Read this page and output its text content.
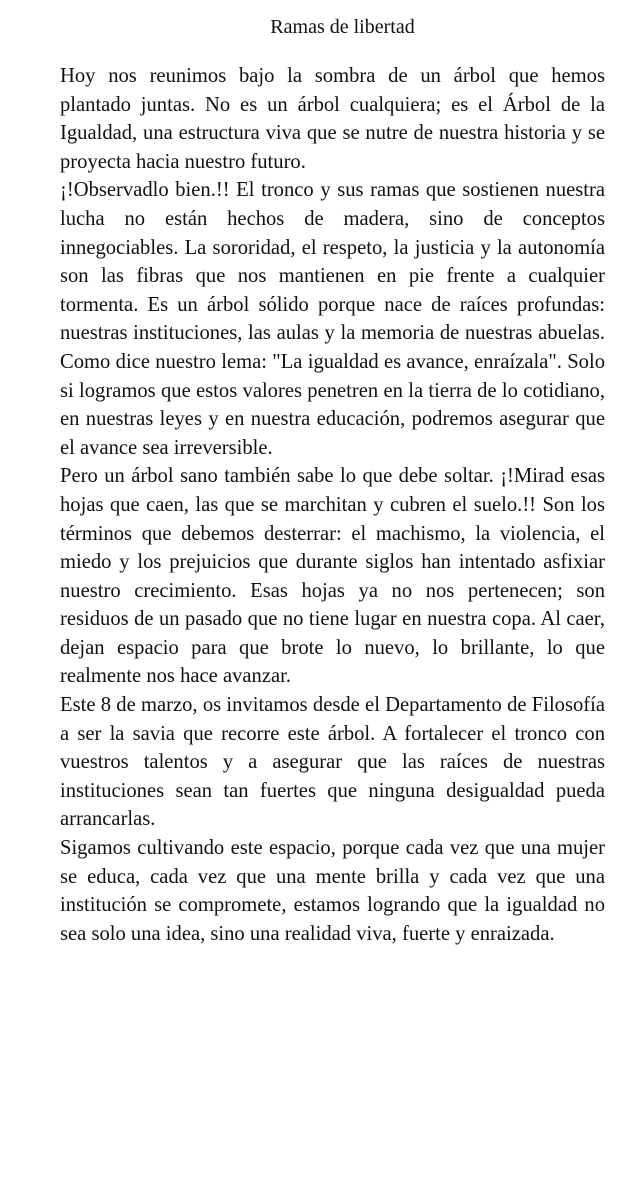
Ramas de libertad

Hoy nos reunimos bajo la sombra de un árbol que hemos plantado juntas. No es un árbol cualquiera; es el Árbol de la Igualdad, una estructura viva que se nutre de nuestra historia y se proyecta hacia nuestro futuro.

¡!Observadlo bien.!! El tronco y sus ramas que sostienen nuestra lucha no están hechos de madera, sino de conceptos innegociables. La sororidad, el respeto, la justicia y la autonomía son las fibras que nos mantienen en pie frente a cualquier tormenta. Es un árbol sólido porque nace de raíces profundas: nuestras instituciones, las aulas y la memoria de nuestras abuelas. Como dice nuestro lema: "La igualdad es avance, enraízala". Solo si logramos que estos valores penetren en la tierra de lo cotidiano, en nuestras leyes y en nuestra educación, podremos asegurar que el avance sea irreversible.

Pero un árbol sano también sabe lo que debe soltar. ¡!Mirad esas hojas que caen, las que se marchitan y cubren el suelo.!! Son los términos que debemos desterrar: el machismo, la violencia, el miedo y los prejuicios que durante siglos han intentado asfixiar nuestro crecimiento. Esas hojas ya no nos pertenecen; son residuos de un pasado que no tiene lugar en nuestra copa. Al caer, dejan espacio para que brote lo nuevo, lo brillante, lo que realmente nos hace avanzar.

Este 8 de marzo, os invitamos desde el Departamento de Filosofía a ser la savia que recorre este árbol. A fortalecer el tronco con vuestros talentos y a asegurar que las raíces de nuestras instituciones sean tan fuertes que ninguna desigualdad pueda arrancarlas.

Sigamos cultivando este espacio, porque cada vez que una mujer se educa, cada vez que una mente brilla y cada vez que una institución se compromete, estamos logrando que la igualdad no sea solo una idea, sino una realidad viva, fuerte y enraizada.
